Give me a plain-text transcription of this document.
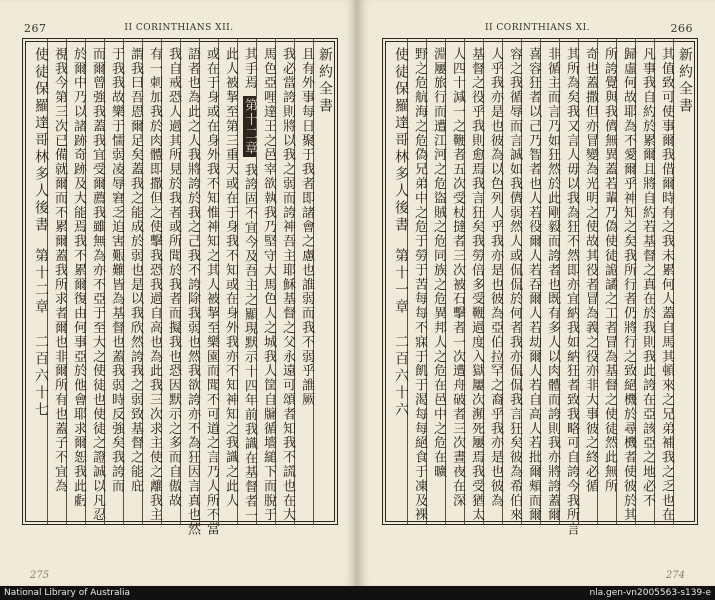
267	II CORINTHIANS XII.
新約全書
且有外事每日聚于我者即諸會之慮也誰弱而我不弱乎誰厥
我必當誇則將以我之弱而誇神吾主耶穌基督之父永遠可頌者知我不謊也在大
馬色亞哩達王之邑宰欲執我乃堅守大馬色人之城我人筐自牖循墻縋下而脫于
其手焉 第十二章 我誇固不宜今及吾主之顯現默示十四年前我識在基督者一
此人被挈至第三重天或在于身我不知或在身外我亦不知神知之我識之此人
或在于身或在身外我不知惟神知之其人被挈至樂園而聞不可道之言乃人所不當
語者也為此之人我將誇於我之己我不誇除我弱也然我欲誇亦不為狂因言真也然
我自戒恐人過其所見於我者或所聞於我者而擬我也恐因默示之多而自傲故
有一刺加我於肉體即撒但之使擊我恐我過自高也為此我三次求主使之離我主
謂我曰吾恩爾足矣蓋我之能成於弱也是以我欣然誇我之弱致基督之能庇
于我我故樂于懦弱凌辱窘乏迫害艱難皆為基督也蓋我弱時反強矣我誇而
而爾曾強我蓋我宜受爾薦我雖無為亦不亞于至大之使徒也使徒之證誠以凡忍
於爾中乃以諸跡奇跡及大能焉我不累爾復由何事亞於他會耶求爾恕我此虧
視我今第三次已備就爾而不累爾蓋我所求者爾也非爾所有也蓋子不宜為
使徒保羅達哥林多人後書第十二章二百六十七
275
II CORINTHIANS XI.	266
新約全書
其值致可使事爾我借爾時有之我未累何人蓋自馬其頓來之兄弟補我之乏也在
凡事我自約於累爾且將自約若基督之真在於我則我此誇在亞該亞之地必不
歸虛何故耶為不愛爾乎神知之矣我所行者仍將行之致絕機於尋機者使彼於其
所誇覺與我儕無異蓋若輩乃偽使徒詭譎之工者冒為基督之使徒然此無所
奇也蓋撒但亦冒變為光明之使故其役者冒為義之役亦非大事彼之終必循
其所為矣我又言人毋以我為狂不然即亦宜納我如納狂者致我略可自誇今我所言
非循主而言乃如狂然於此剛毅而誇者也既有多人以肉體而誇則我亦將誇蓋爾
喜容狂者以己乃智者也人若役爾人若吞爾人若劫爾人若自高人若批爾頰而爾
容之我循辱而言誠如我儕弱然人或侃侃於何者我亦侃侃我言狂矣彼為希伯來
人乎我亦是也彼為以色列人乎我亦是也彼為亞伯拉罕之裔乎我亦是也彼為
基督之役乎我則愈焉我言狂矣我勞倍多受鞭過度入獄屢次瀕死屢焉我受猶太
人四十減一之鞭者五次受杖撻者三次被石擊者一次遭舟破者三次晝夜在深
淵屢旅行而遭江河之危盜賊之危同族之危異邦人之危在邑中之危在曠
野之危航海之危偽兄弟中之危于勞于苦每每不寐于飢于渴每每絕食于凍及裸
使徒保羅達哥林多人後書第十一章二百六十六
274
National Library of Australia	nla.gen-vn2005563-s139-e
